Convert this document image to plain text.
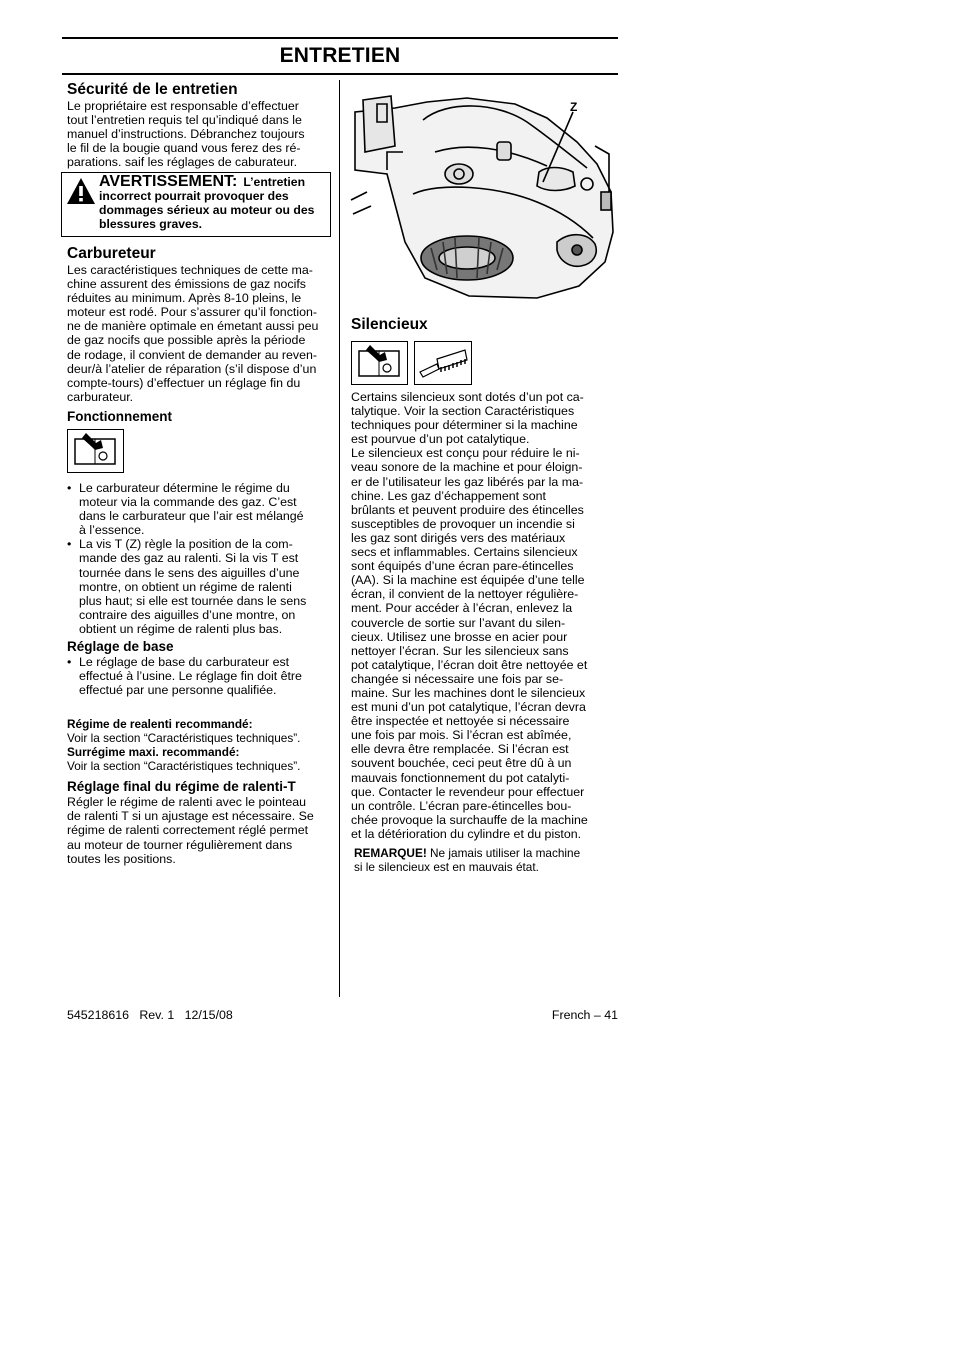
ENTRETIEN

Sécurité de le entretien

Le propriétaire est responsable d’effectuer

tout l’entretien requis tel qu’indiqué dans le

manuel d’instructions. Débranchez toujours

le fil de la bougie quand vous ferez des ré-

parations. saif les réglages de caburateur.

AVERTISSEMENT: L’entretien
incorrect pourrait provoquer des
dommages sérieux au moteur ou des
blessures graves.

Carbureteur

Les caractéristiques techniques de cette ma-

chine assurent des émissions de gaz nocifs

réduites au minimum. Après 8-10 pleins, le

moteur est rodé. Pour s’assurer qu’il fonction-

ne de manière optimale en émetant aussi peu

de gaz nocifs que possible après la période

de rodage, il convient de demander au reven-

deur/à l’atelier de réparation (s’il dispose d’un

compte-tours) d’effectuer un réglage fin du

carburateur.

Fonctionnement

• Le carburateur détermine le régime du
moteur via la commande des gaz. C’est
dans le carburateur que l’air est mélangé
à l’essence.
• La vis T (Z) règle la position de la com-
mande des gaz au ralenti. Si la vis T est
tournée dans le sens des aiguilles d’une
montre, on obtient un régime de ralenti
plus haut; si elle est tournée dans le sens
contraire des aiguilles d’une montre, on
obtient un régime de ralenti plus bas.

Réglage de base

• Le réglage de base du carburateur est
effectué à l’usine. Le réglage fin doit être
effectué par une personne qualifiée.
Régime de realenti recommandé:
Voir la section “Caractéristiques techniques”.
Surrégime maxi. recommandé:
Voir la section “Caractéristiques techniques”.

Réglage final du régime de ralenti-T

Régler le régime de ralenti avec le pointeau

de ralenti T si un ajustage est nécessaire. Se

régime de ralenti correctement réglé permet

au moteur de tourner régulièrement dans

toutes les positions.

Z

Silencieux

Certains silencieux sont dotés d’un pot ca-

talytique. Voir la section Caractéristiques

techniques pour déterminer si la machine

est pourvue d’un pot catalytique.

Le silencieux est conçu pour réduire le ni-

veau sonore de la machine et pour éloign-

er de l’utilisateur les gaz libérés par la ma-

chine. Les gaz d’échappement sont

brûlants et peuvent produire des étincelles

susceptibles de provoquer un incendie si

les gaz sont dirigés vers des matériaux

secs et inflammables. Certains silencieux

sont équipés d’une écran pare-étincelles

(AA). Si la machine est équipée d’une telle

écran, il convient de la nettoyer régulière-

ment. Pour accéder à l’écran, enlevez la

couvercle de sortie sur l’avant du silen-

cieux. Utilisez une brosse en acier pour

nettoyer l’écran. Sur les silencieux sans

pot catalytique, l’écran doit être nettoyée et

changée si nécessaire une fois par se-

maine. Sur les machines dont le silencieux

est muni d’un pot catalytique, l’écran devra

être inspectée et nettoyée si nécessaire

une fois par mois. Si l’écran est abîmée,

elle devra être remplacée. Si l’écran est

souvent bouchée, ceci peut être dû à un

mauvais fonctionnement du pot catalyti-

que. Contacter le revendeur pour effectuer

un contrôle. L’écran pare-étincelles bou-

chée provoque la surchauffe de la machine

et la détérioration du cylindre et du piston.

REMARQUE! Ne jamais utiliser la machine
si le silencieux est en mauvais état.
545218616   Rev. 1   12/15/08	French – 41
